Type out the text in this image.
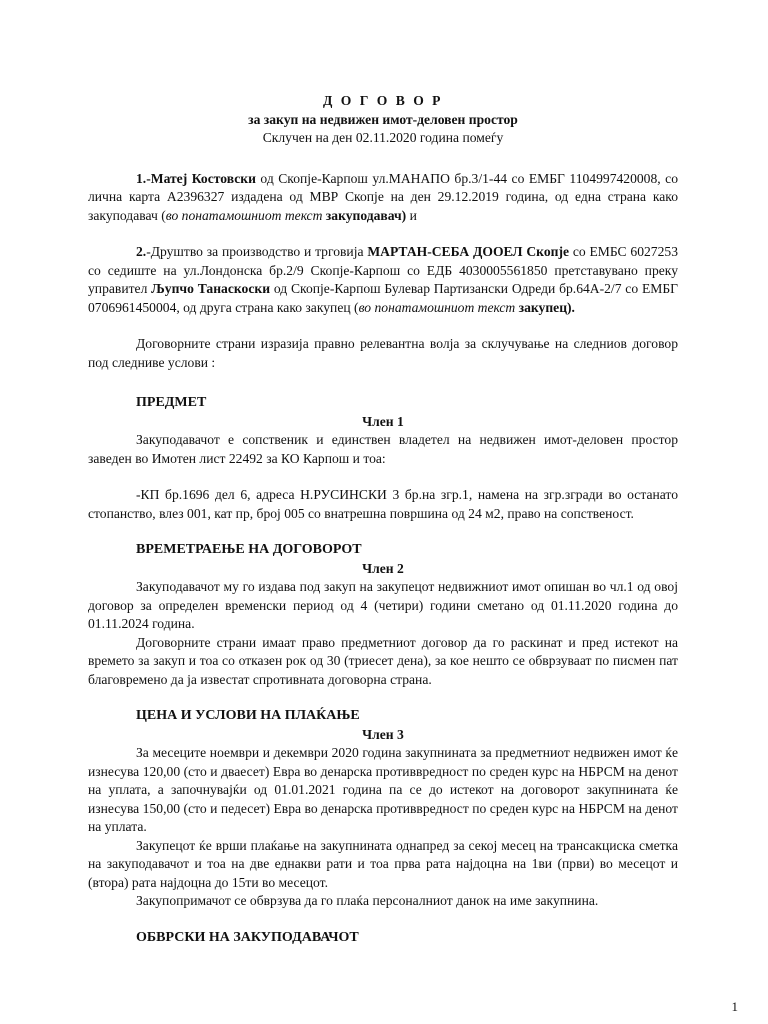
Д О Г О В О Р
за закуп на недвижен имот-деловен простор
Склучен на ден 02.11.2020 година помеѓу

1.-Матеј Костовски од Скопје-Карпош ул.МАНАПО бр.3/1-44 со ЕМБГ 1104997420008, со лична карта А2396327 издадена од МВР Скопје на ден 29.12.2019 година, од една страна како закуподавач (во понатамошниот текст закуподавач) и

2.-Друштво за производство и трговија МАРТАН-СЕБА ДООЕЛ Скопје со ЕМБС 6027253 со седиште на ул.Лондонска бр.2/9 Скопје-Карпош со ЕДБ 4030005561850 претставувано преку управител Љупчо Танаскоски од Скопје-Карпош Булевар Партизански Одреди бр.64А-2/7 со ЕМБГ 0706961450004, од друга страна како закупец (во понатамошниот текст закупец).

Договорните страни изразија правно релевантна волја за склучување на следниов договор под следниве услови :

ПРЕДМЕТ
Член 1

Закуподавачот е сопственик и единствен владетел на недвижен имот-деловен простор заведен во Имотен лист 22492 за КО Карпош и тоа:

-КП бр.1696 дел 6, адреса Н.РУСИНСКИ 3 бр.на згр.1, намена на згр.згради во останато стопанство, влез 001, кат пр, број 005 со внатрешна површина од 24 м2, право на сопственост.

ВРЕМЕТРАЕЊЕ НА ДОГОВОРОТ
Член 2

Закуподавачот му го издава под закуп на закупецот недвижниот имот опишан во чл.1 од овој договор за определен временски период од 4 (четири) години сметано од 01.11.2020 година до 01.11.2024 година.

Договорните страни имаат право предметниот договор да го раскинат и пред истекот на времето за закуп и тоа со отказен рок од 30 (триесет дена), за кое нешто се обврзуваат по писмен пат благовремено да ја известат спротивната договорна страна.

ЦЕНА И УСЛОВИ НА ПЛАЌАЊЕ
Член 3

За месеците ноември и декември 2020 година закупнината за предметниот недвижен имот ќе изнесува 120,00 (сто и дваесет) Евра во денарска противвредност по среден курс на НБРСМ на денот на уплата, а започнувајќи од 01.01.2021 година па се до истекот на договорот закупнината ќе изнесува 150,00 (сто и педесет) Евра во денарска противвредност по среден курс на НБРСМ на денот на уплата.

Закупецот ќе врши плаќање на закупнината однапред за секој месец на трансакциска сметка на закуподавачот и тоа на две еднакви рати и тоа прва рата најдоцна на 1ви (први) во месецот и (втора) рата најдоцна до 15ти во месецот.

Закупопримачот се обврзува да го плаќа персоналниот данок на име закупнина.

ОБВРСКИ НА ЗАКУПОДАВАЧОТ
1
